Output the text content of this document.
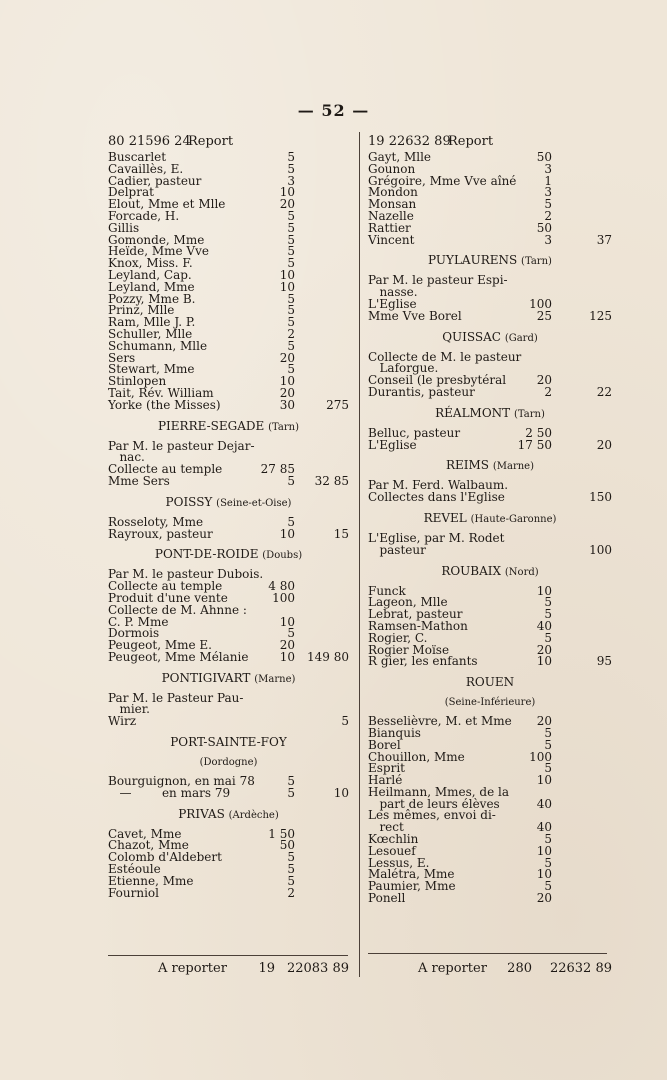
— 52 —
Report
80 21596 24
Buscarlet	5
Cavaillès, E.	5
Cadier, pasteur	3
Delprat	10
Elout, Mme et Mlle	20
Forcade, H.	5
Gillis	5
Gomonde, Mme	5
Heïde, Mme Vve	5
Knox, Miss. F.	5
Leyland, Cap.	10
Leyland, Mme	10
Pozzy, Mme B.	5
Prinz, Mlle	5
Ram, Mlle J. P.	5
Schuller, Mlle	2
Schumann, Mlle	5
Sers	20
Stewart, Mme	5
Stinlopen	10
Tait, Rév. William	20
Yorke (the Misses)	30	275
PIERRE-SEGADE (Tarn)
Par M. le pasteur Dejar-
nac.
Collecte au temple	27 85
Mme Sers	5	32 85
POISSY (Seine-et-Oise)
Rosseloty, Mme	5
Rayroux, pasteur	10	15
PONT-DE-ROIDE (Doubs)
Par M. le pasteur Dubois.
Collecte au temple	4 80
Produit d'une vente	100
Collecte de M. Ahnne :
C. P. Mme	10
Dormois	5
Peugeot, Mme E.	20
Peugeot, Mme Mélanie	10	149 80
PONTIGIVART (Marne)
Par M. le Pasteur Pau-
mier.
Wirz	5
PORT-SAINTE-FOY
(Dordogne)
Bourguignon, en mai 78	5
—        en mars 79	5	10
PRIVAS (Ardèche)
Cavet, Mme	1 50
Chazot, Mme	50
Colomb d'Aldebert	5
Estéoule	5
Etienne, Mme	5
Fourniol	2
Report
19 22632 89
Gayt, Mlle	50
Gounon	3
Grégoire, Mme Vve aîné	1
Mondon	3
Monsan	5
Nazelle	2
Rattier	50
Vincent	3	37
PUYLAURENS (Tarn)
Par M. le pasteur Espi-
nasse.
L'Eglise	100
Mme Vve Borel	25	125
QUISSAC (Gard)
Collecte de M. le pasteur
Laforgue.
Conseil (le presbytéral	20
Durantis, pasteur	2	22
RÉALMONT (Tarn)
Belluc, pasteur	2 50
L'Eglise	17 50	20
REIMS (Marne)
Par M. Ferd. Walbaum.
Collectes dans l'Eglise	150
REVEL (Haute-Garonne)
L'Eglise, par M. Rodet
pasteur	100
ROUBAIX (Nord)
Funck	10
Lageon, Mlle	5
Lebrat, pasteur	5
Ramsen-Mathon	40
Rogier, C.	5
Rogier Moïse	20
R gier, les enfants	10	95
ROUEN
(Seine-Inférieure)
Besselièvre, M. et Mme	20
Bianquis	5
Borel	5
Chouillon, Mme	100
Esprit	5
Harlé	10
Heilmann, Mmes, de la
part de leurs élèves	40
Les mêmes, envoi di-
rect	40
Kœchlin	5
Lesouef	10
Lessus, E.	5
Malétra, Mme	10
Paumier, Mme	5
Ponell	20
A reporter 19 22083 89	A reporter 280 22632 89
